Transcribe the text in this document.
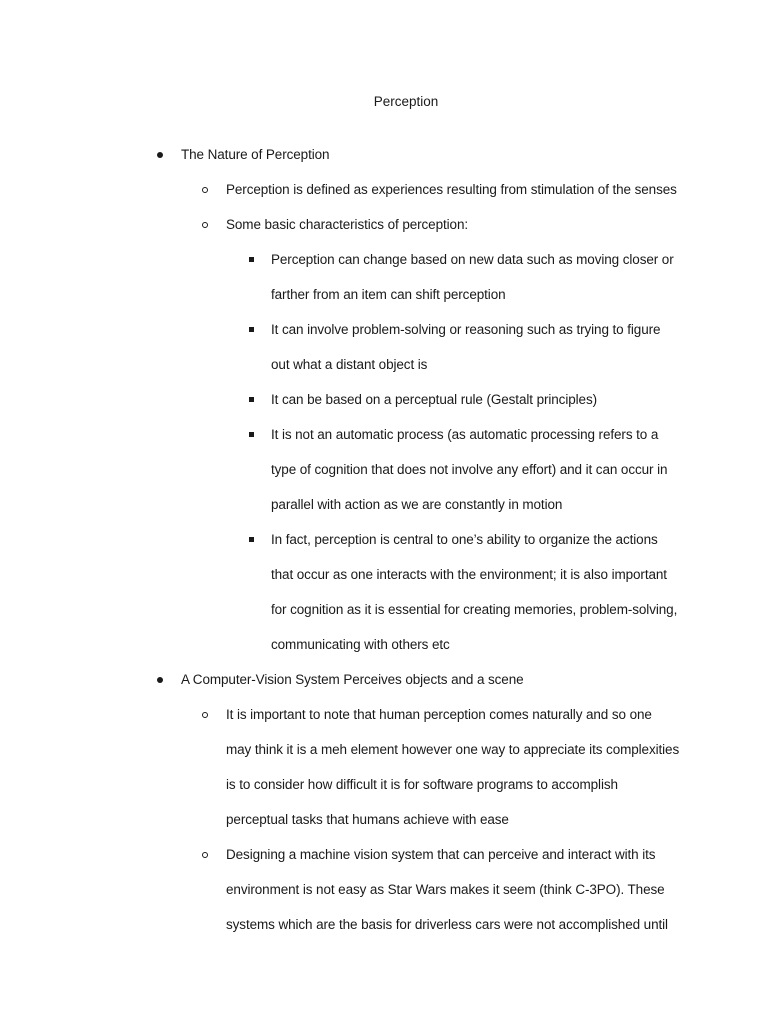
Perception
The Nature of Perception
Perception is defined as experiences resulting from stimulation of the senses
Some basic characteristics of perception:
Perception can change based on new data such as moving closer or farther from an item can shift perception
It can involve problem-solving or reasoning such as trying to figure out what a distant object is
It can be based on a perceptual rule (Gestalt principles)
It is not an automatic process (as automatic processing refers to a type of cognition that does not involve any effort) and it can occur in parallel with action as we are constantly in motion
In fact, perception is central to one’s ability to organize the actions that occur as one interacts with the environment; it is also important for cognition as it is essential for creating memories, problem-solving, communicating with others etc
A Computer-Vision System Perceives objects and a scene
It is important to note that human perception comes naturally and so one may think it is a meh element however one way to appreciate its complexities is to consider how difficult it is for software programs to accomplish perceptual tasks that humans achieve with ease
Designing a machine vision system that can perceive and interact with its environment is not easy as Star Wars makes it seem (think C-3PO). These systems which are the basis for driverless cars were not accomplished until
